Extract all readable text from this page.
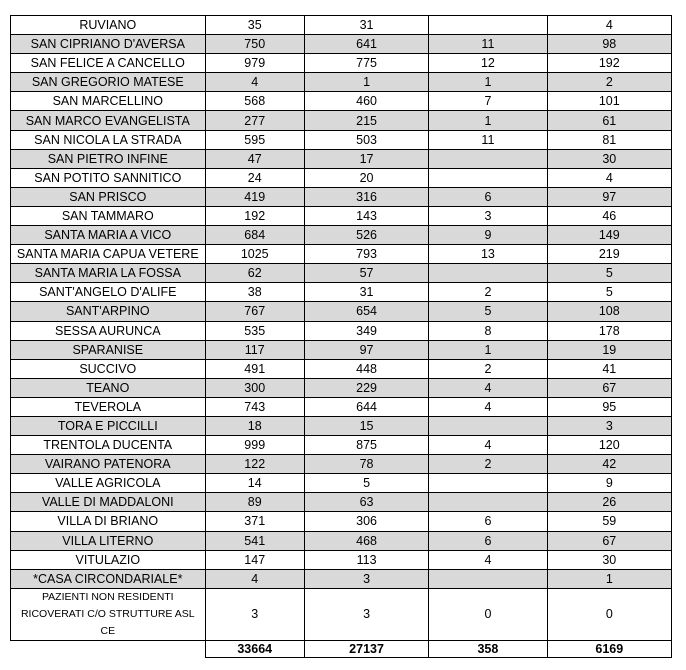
RUVIANO	35	31		4
SAN CIPRIANO D'AVERSA	750	641	11	98
SAN FELICE A CANCELLO	979	775	12	192
SAN GREGORIO MATESE	4	1	1	2
SAN MARCELLINO	568	460	7	101
SAN MARCO EVANGELISTA	277	215	1	61
SAN NICOLA LA STRADA	595	503	11	81
SAN PIETRO INFINE	47	17		30
SAN POTITO SANNITICO	24	20		4
SAN PRISCO	419	316	6	97
SAN TAMMARO	192	143	3	46
SANTA MARIA A VICO	684	526	9	149
SANTA MARIA CAPUA VETERE	1025	793	13	219
SANTA MARIA LA FOSSA	62	57		5
SANT'ANGELO D'ALIFE	38	31	2	5
SANT'ARPINO	767	654	5	108
SESSA AURUNCA	535	349	8	178
SPARANISE	117	97	1	19
SUCCIVO	491	448	2	41
TEANO	300	229	4	67
TEVEROLA	743	644	4	95
TORA E PICCILLI	18	15		3
TRENTOLA DUCENTA	999	875	4	120
VAIRANO PATENORA	122	78	2	42
VALLE AGRICOLA	14	5		9
VALLE DI MADDALONI	89	63		26
VILLA DI BRIANO	371	306	6	59
VILLA LITERNO	541	468	6	67
VITULAZIO	147	113	4	30
*CASA CIRCONDARIALE*	4	3		1
PAZIENTI NON RESIDENTI RICOVERATI C/O STRUTTURE ASL CE	3	3	0	0
	33664	27137	358	6169
